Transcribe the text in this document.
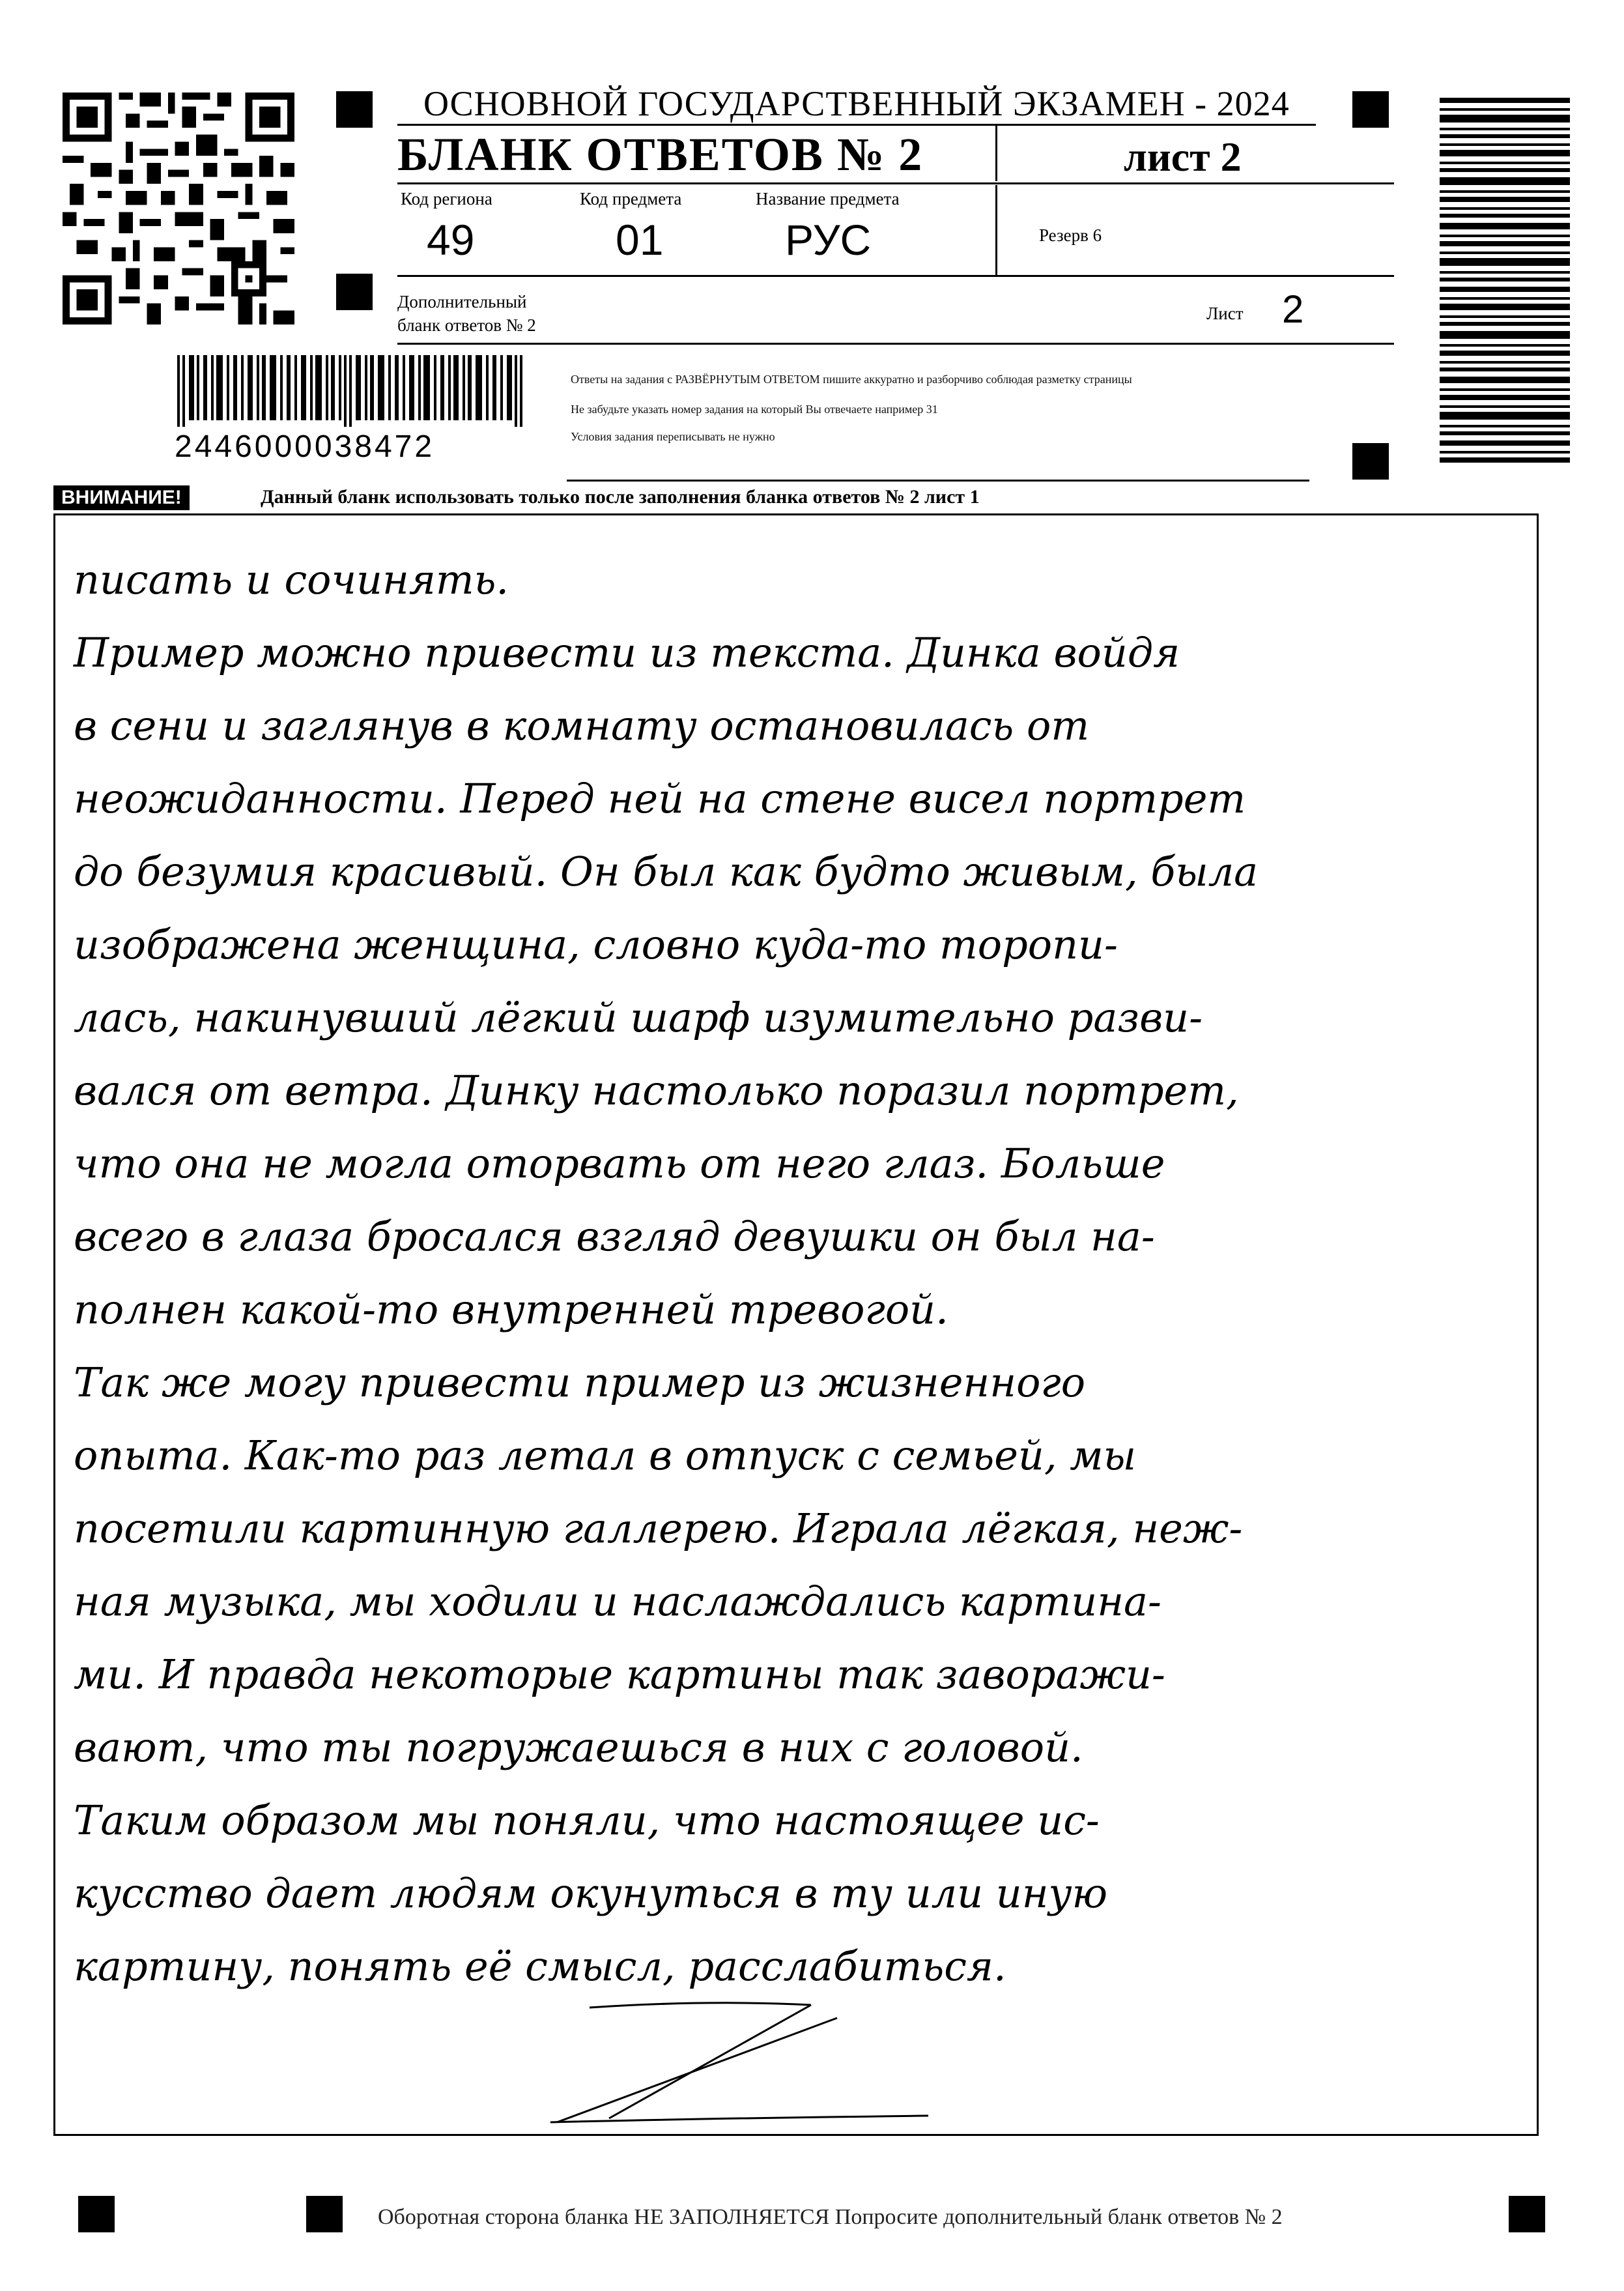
2446000038472
ОСНОВНОЙ ГОСУДАРСТВЕННЫЙ ЭКЗАМЕН - 2024
БЛАНК ОТВЕТОВ № 2	лист 2
Код региона
49
Код предмета
01
Название предмета
РУС	Резерв 6
Дополнительный
бланк ответов № 2
Лист 2
Ответы на задания с РАЗВЁРНУТЫМ ОТВЕТОМ пишите аккуратно и разборчиво соблюдая разметку страницы
Не забудьте указать номер задания на который Вы отвечаете например 31
Условия задания переписывать не нужно
ВНИМАНИЕ!	Данный бланк использовать только после заполнения бланка ответов № 2 лист 1
писать и сочинять.
Пример можно привести из текста. Динка войдя
в сени и заглянув в комнату остановилась от
неожиданности. Перед ней на стене висел портрет
до безумия красивый. Он был как будто живым, была
изображена женщина, словно куда-то торопи-
лась, накинувший лёгкий шарф изумительно разви-
вался от ветра. Динку настолько поразил портрет,
что она не могла оторвать от него глаз. Больше
всего в глаза бросался взгляд девушки он был на-
полнен какой-то внутренней тревогой.
Так же могу привести пример из жизненного
опыта. Как-то раз летал в отпуск с семьей, мы
посетили картинную галлерею. Играла лёгкая, неж-
ная музыка, мы ходили и наслаждались картина-
ми. И правда некоторые картины так заворажи-
вают, что ты погружаешься в них с головой.
Таким образом мы поняли, что настоящее ис-
кусство дает людям окунуться в ту или иную
картину, понять её смысл, расслабиться.
Оборотная сторона бланка НЕ ЗАПОЛНЯЕТСЯ Попросите дополнительный бланк ответов № 2
